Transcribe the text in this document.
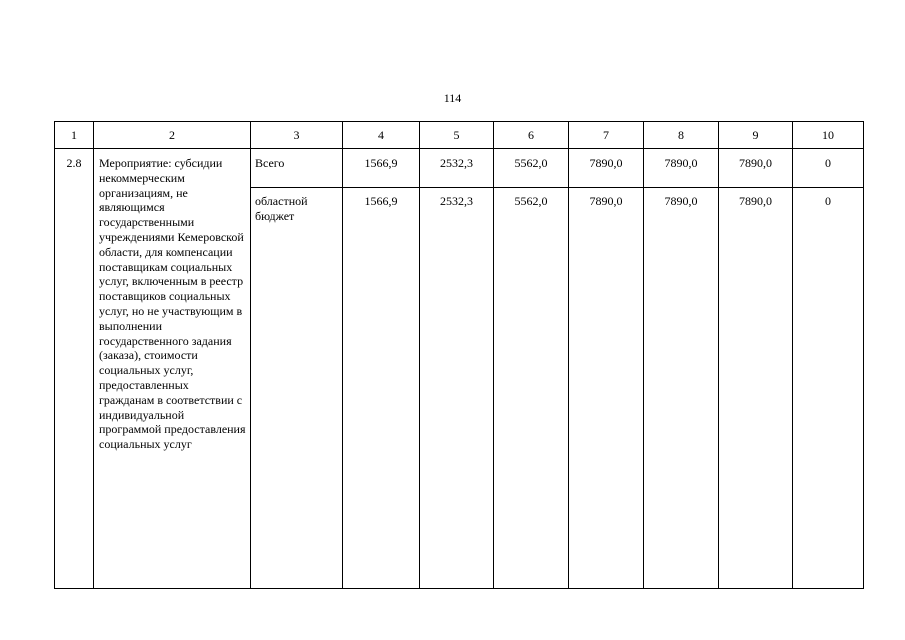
114
1	2	3	4	5	6	7	8	9	10
2.8	Мероприятие: субсидии некоммерческим организациям, не являющимся государственными учреждениями Кемеровской области, для компенсации поставщикам социальных услуг, включенным в реестр поставщиков социальных услуг, но не участвующим в выполнении государственного задания (заказа), стоимости социальных услуг, предоставленных гражданам в соответствии с индивидуальной программой предоставления социальных услуг	Всего	1566,9	2532,3	5562,0	7890,0	7890,0	7890,0	0
		областной бюджет	1566,9	2532,3	5562,0	7890,0	7890,0	7890,0	0
